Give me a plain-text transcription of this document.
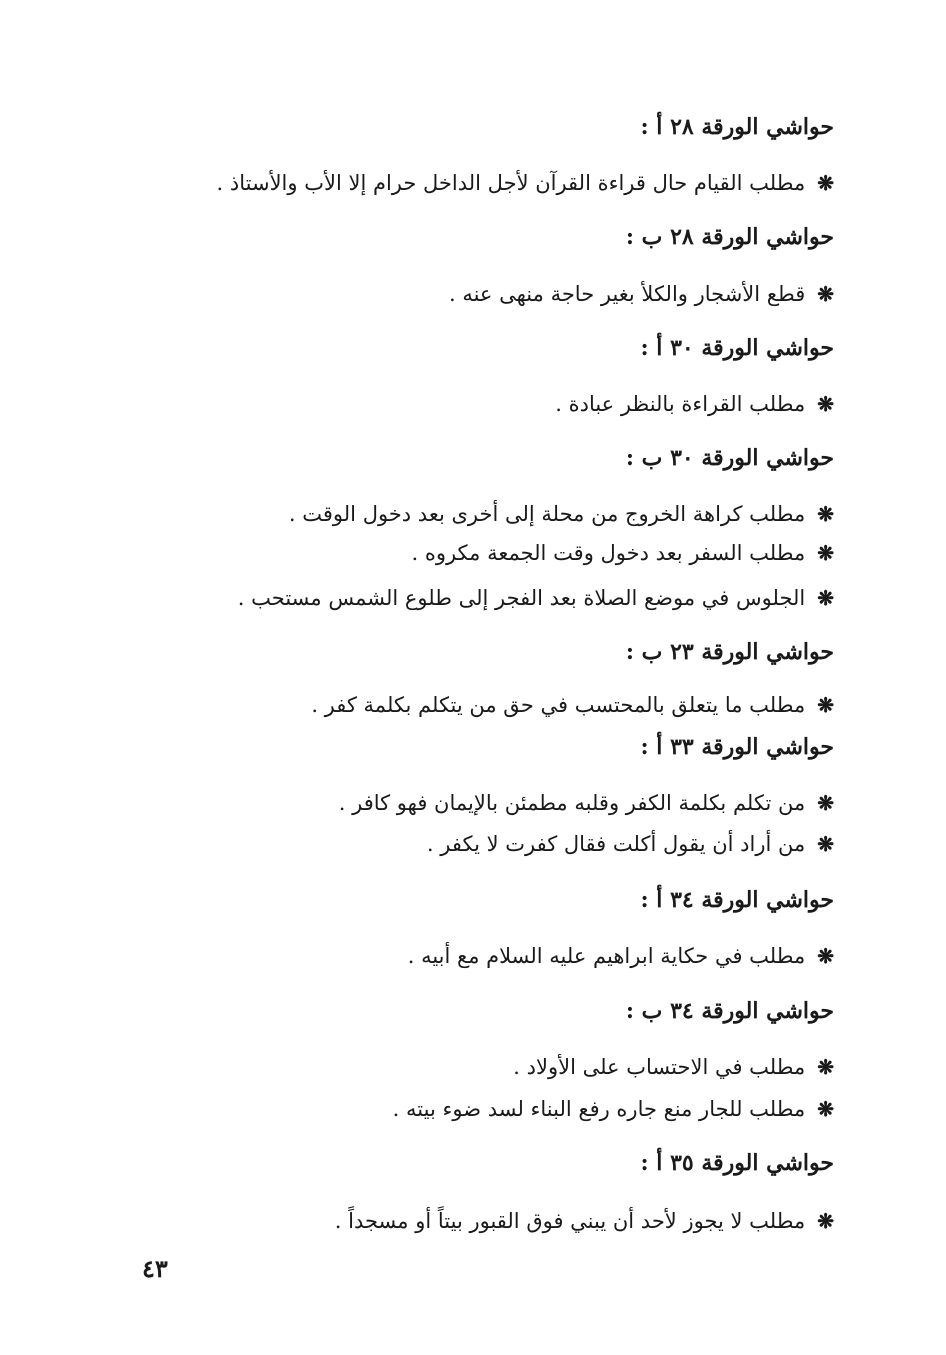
حواشي الورقة ٢٨ أ :
❋مطلب القيام حال قراءة القرآن لأجل الداخل حرام إلا الأب والأستاذ .
حواشي الورقة ٢٨ ب :
❋قطع الأشجار والكلأ بغير حاجة منهى عنه .
حواشي الورقة ٣٠ أ :
❋مطلب القراءة بالنظر عبادة .
حواشي الورقة ٣٠ ب :
❋مطلب كراهة الخروج من محلة إلى أخرى بعد دخول الوقت .
❋مطلب السفر بعد دخول وقت الجمعة مكروه .
❋الجلوس في موضع الصلاة بعد الفجر إلى طلوع الشمس مستحب .
حواشي الورقة ٢٣ ب :
❋مطلب ما يتعلق بالمحتسب في حق من يتكلم بكلمة كفر .
حواشي الورقة ٣٣ أ :
❋من تكلم بكلمة الكفر وقلبه مطمئن بالإيمان فهو كافر .
❋من أراد أن يقول أكلت فقال كفرت لا يكفر .
حواشي الورقة ٣٤ أ :
❋مطلب في حكاية ابراهيم عليه السلام مع أبيه .
حواشي الورقة ٣٤ ب :
❋مطلب في الاحتساب على الأولاد .
❋مطلب للجار منع جاره رفع البناء لسد ضوء بيته .
حواشي الورقة ٣٥ أ :
❋مطلب لا يجوز لأحد أن يبني فوق القبور بيتاً أو مسجداً .
٤٣
